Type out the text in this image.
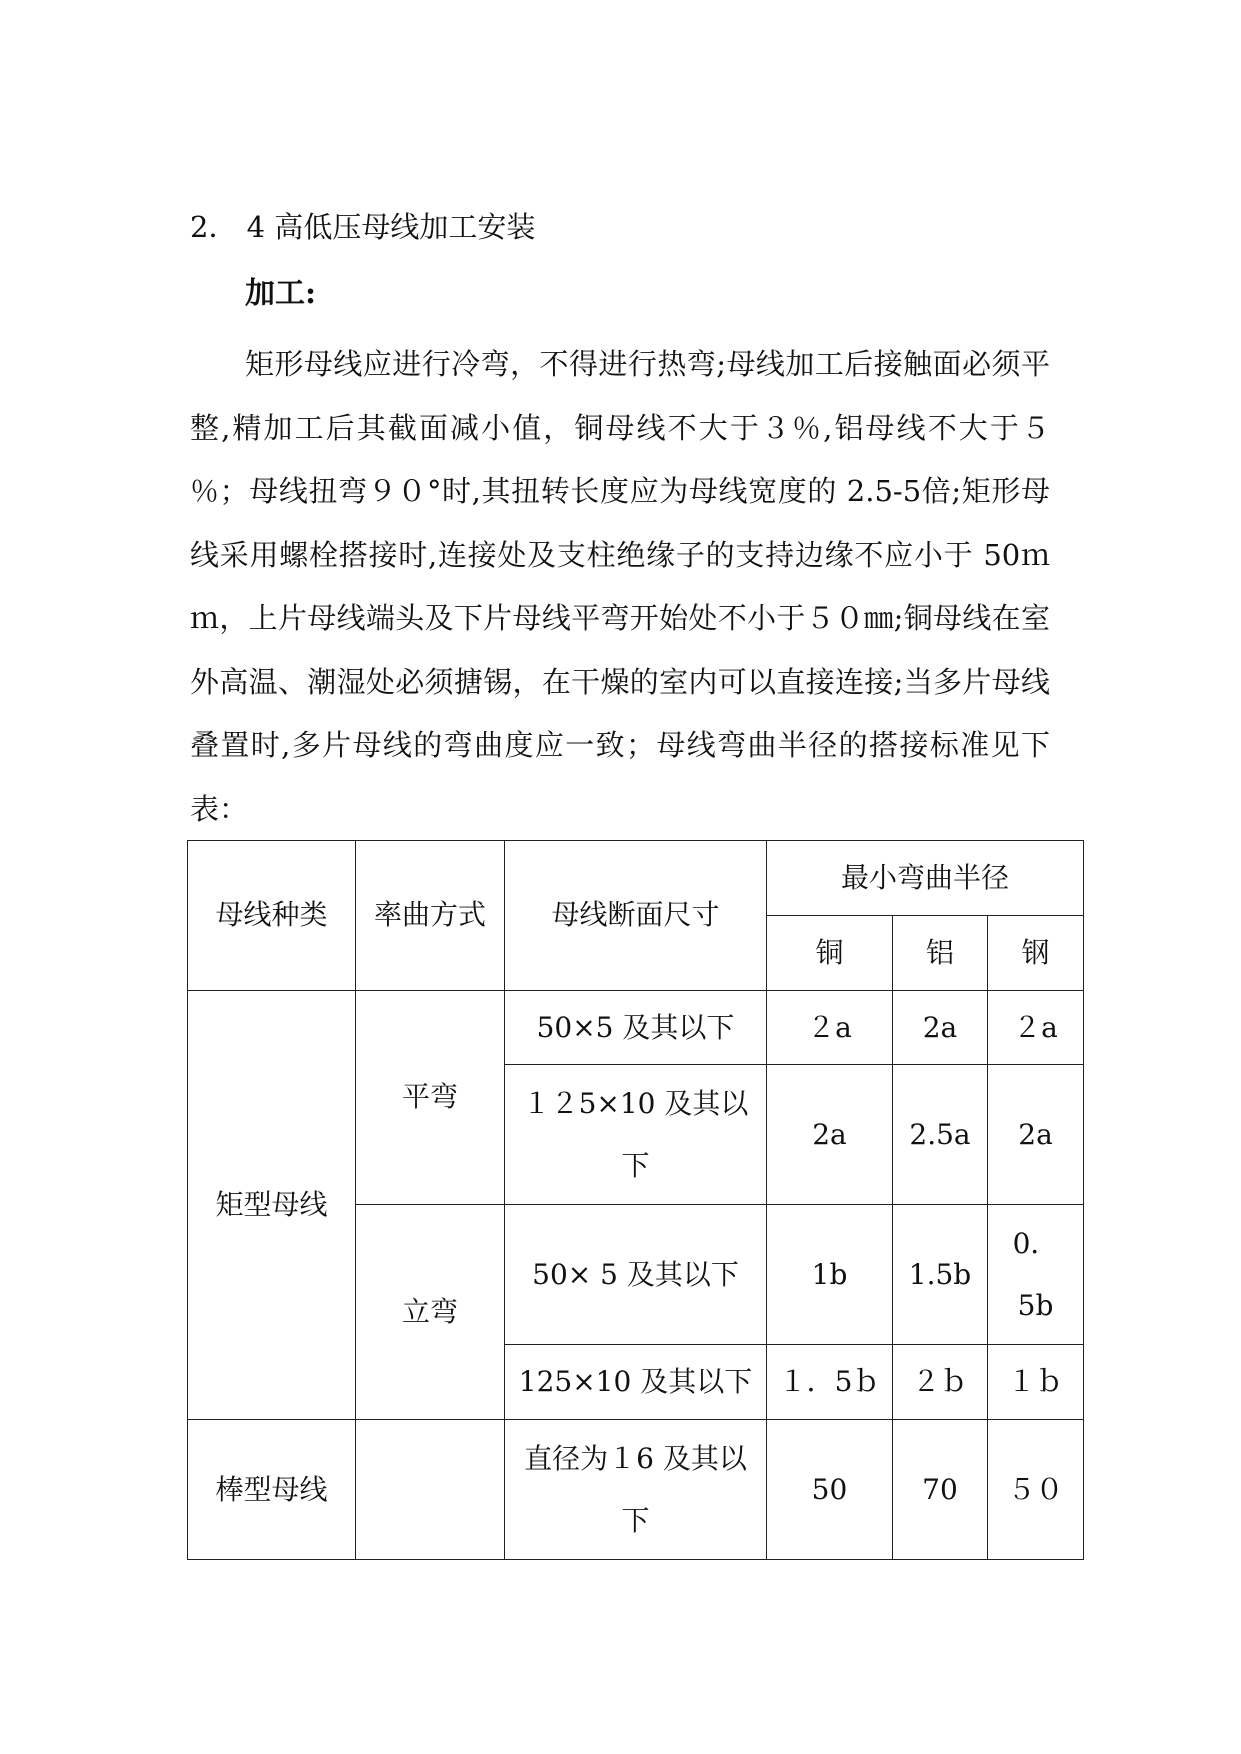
2． 4 高低压母线加工安装
加工:
矩形母线应进行冷弯，不得进行热弯;母线加工后接触面必须平整,精加工后其截面减小值，铜母线不大于３％,铝母线不大于５ ％；母线扭弯９０°时,其扭转长度应为母线宽度的 2.5-5倍;矩形母线采用螺栓搭接时,连接处及支柱绝缘子的支持边缘不应小于 50ｍｍ，上片母线端头及下片母线平弯开始处不小于５０㎜;铜母线在室外高温、潮湿处必须搪锡，在干燥的室内可以直接连接;当多片母线叠置时,多片母线的弯曲度应一致；母线弯曲半径的搭接标准见下表：
母线种类	率曲方式	母线断面尺寸	最小弯曲半径		
			铜	铝	钢
矩型母线	平弯	50×5 及其以下	２a	2a	２a
		１２5×10 及其以下	2a	2.5a	2a
	立弯	50× 5 及其以下	1b	1.5b	0． 5b
		125×10 及其以下	１．5ｂ	２ｂ	１ｂ
棒型母线		直径为１6 及其以下	50	70	５０
